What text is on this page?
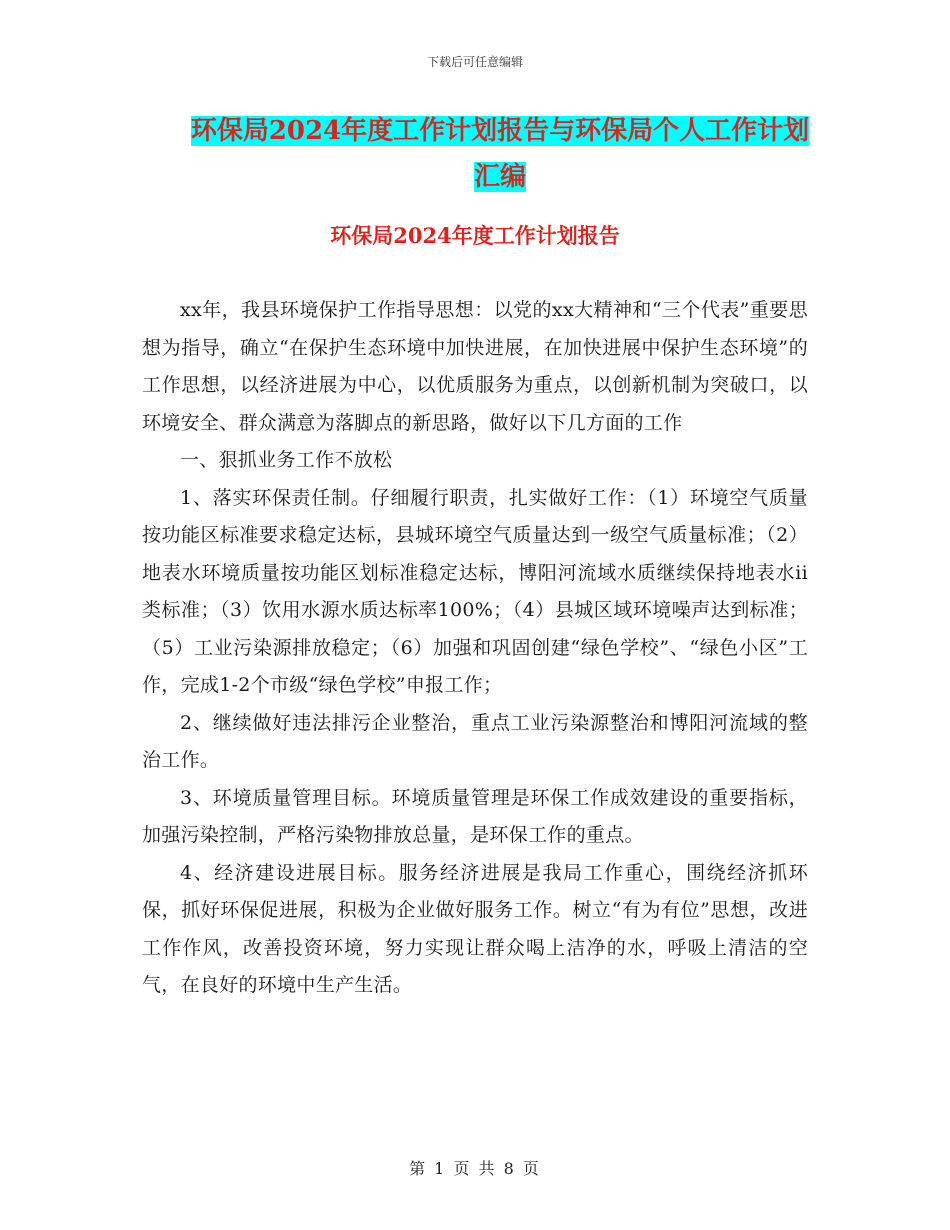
下载后可任意编辑
环保局2024年度工作计划报告与环保局个人工作计划
汇编
环保局2024年度工作计划报告

xx年，我县环境保护工作指导思想：以党的xx大精神和“三个代表”重要思想为指导，确立“在保护生态环境中加快进展，在加快进展中保护生态环境”的工作思想，以经济进展为中心，以优质服务为重点，以创新机制为突破口，以环境安全、群众满意为落脚点的新思路，做好以下几方面的工作

一、狠抓业务工作不放松

1、落实环保责任制。仔细履行职责，扎实做好工作：（1）环境空气质量按功能区标准要求稳定达标，县城环境空气质量达到一级空气质量标准；（2）地表水环境质量按功能区划标准稳定达标，博阳河流域水质继续保持地表水ii类标准；（3）饮用水源水质达标率100%；（4）县城区域环境噪声达到标准；（5）工业污染源排放稳定；（6）加强和巩固创建“绿色学校”、“绿色小区”工作，完成1-2个市级“绿色学校”申报工作；

2、继续做好违法排污企业整治，重点工业污染源整治和博阳河流域的整治工作。

3、环境质量管理目标。环境质量管理是环保工作成效建设的重要指标，加强污染控制，严格污染物排放总量，是环保工作的重点。

4、经济建设进展目标。服务经济进展是我局工作重心，围绕经济抓环保，抓好环保促进展，积极为企业做好服务工作。树立“有为有位”思想，改进工作作风，改善投资环境，努力实现让群众喝上洁净的水，呼吸上清洁的空气，在良好的环境中生产生活。

第 1 页 共 8 页
